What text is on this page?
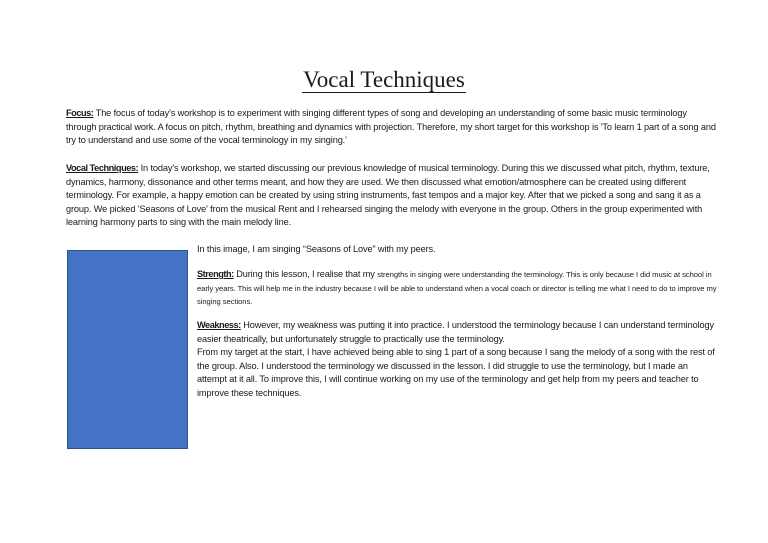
Vocal Techniques
Focus: The focus of today's workshop is to experiment with singing different types of song and developing an understanding of some basic music terminology through practical work. A focus on pitch, rhythm, breathing and dynamics with projection. Therefore, my short target for this workshop is 'To learn 1 part of a song and try to understand and use some of the vocal terminology in my singing.'
Vocal Techniques: In today's workshop, we started discussing our previous knowledge of musical terminology. During this we discussed what pitch, rhythm, texture, dynamics, harmony, dissonance and other terms meant, and how they are used. We then discussed what emotion/atmosphere can be created using different terminology. For example, a happy emotion can be created by using string instruments, fast tempos and a major key. After that we picked a song and sang it as a group. We picked 'Seasons of Love' from the musical Rent and I rehearsed singing the melody with everyone in the group. Others in the group experimented with learning harmony parts to sing with the main melody line.
In this image, I am singing “Seasons of Love” with my peers.
Strength: During this lesson, I realise that my strengths in singing were understanding the terminology. This is only because I did music at school in early years. This will help me in the industry because I will be able to understand when a vocal coach or director is telling me what I need to do to improve my singing sections.
Weakness: However, my weakness was putting it into practice. I understood the terminology because I can understand terminology easier theatrically, but unfortunately struggle to practically use the terminology.
From my target at the start, I have achieved being able to sing 1 part of a song because I sang the melody of a song with the rest of the group. Also. I understood the terminology we discussed in the lesson. I did struggle to use the terminology, but I made an attempt at it all. To improve this, I will continue working on my use of the terminology and get help from my peers and teacher to improve these techniques.
